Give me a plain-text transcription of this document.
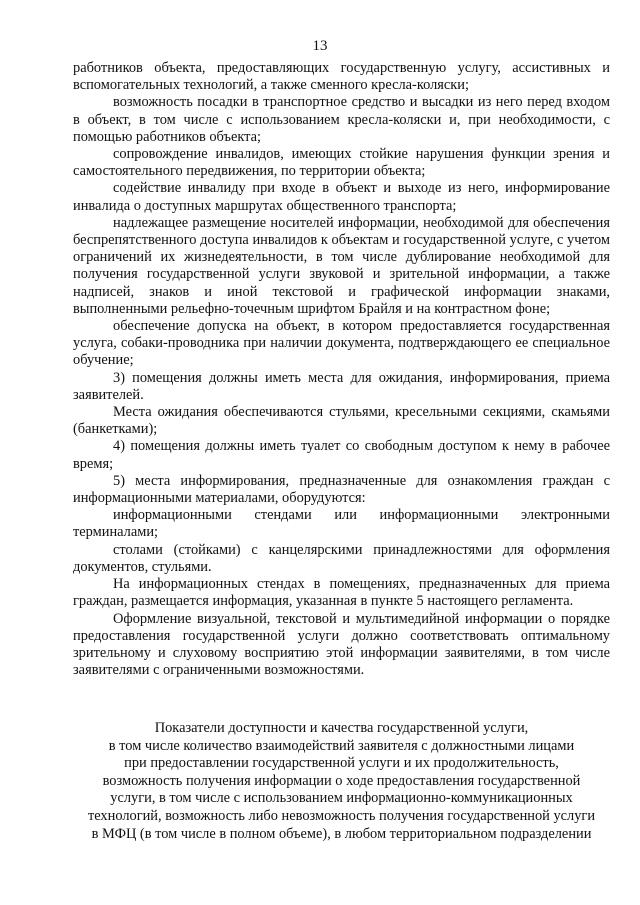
13

работников объекта, предоставляющих государственную услугу, ассистивных и вспомогательных технологий, а также сменного кресла-коляски;

возможность посадки в транспортное средство и высадки из него перед входом в объект, в том числе с использованием кресла-коляски и, при необходимости, с помощью работников объекта;

сопровождение инвалидов, имеющих стойкие нарушения функции зрения и самостоятельного передвижения, по территории объекта;

содействие инвалиду при входе в объект и выходе из него, информирование инвалида о доступных маршрутах общественного транспорта;

надлежащее размещение носителей информации, необходимой для обеспечения беспрепятственного доступа инвалидов к объектам и государственной услуге, с учетом ограничений их жизнедеятельности, в том числе дублирование необходимой для получения государственной услуги звуковой и зрительной информации, а также надписей, знаков и иной текстовой и графической информации знаками, выполненными рельефно-точечным шрифтом Брайля и на контрастном фоне;

обеспечение допуска на объект, в котором предоставляется государственная услуга, собаки-проводника при наличии документа, подтверждающего ее специальное обучение;

3) помещения должны иметь места для ожидания, информирования, приема заявителей.

Места ожидания обеспечиваются стульями, кресельными секциями, скамьями (банкетками);

4) помещения должны иметь туалет со свободным доступом к нему в рабочее время;

5) места информирования, предназначенные для ознакомления граждан с информационными материалами, оборудуются:

информационными стендами или информационными электронными терминалами;

столами (стойками) с канцелярскими принадлежностями для оформления документов, стульями.

На информационных стендах в помещениях, предназначенных для приема граждан, размещается информация, указанная в пункте 5 настоящего регламента.

Оформление визуальной, текстовой и мультимедийной информации о порядке предоставления государственной услуги должно соответствовать оптимальному зрительному и слуховому восприятию этой информации заявителями, в том числе заявителями с ограниченными возможностями.

Показатели доступности и качества государственной услуги,
в том числе количество взаимодействий заявителя с должностными лицами
при предоставлении государственной услуги и их продолжительность,
возможность получения информации о ходе предоставления государственной
услуги, в том числе с использованием информационно-коммуникационных
технологий, возможность либо невозможность получения государственной услуги
в МФЦ (в том числе в полном объеме), в любом территориальном подразделении
